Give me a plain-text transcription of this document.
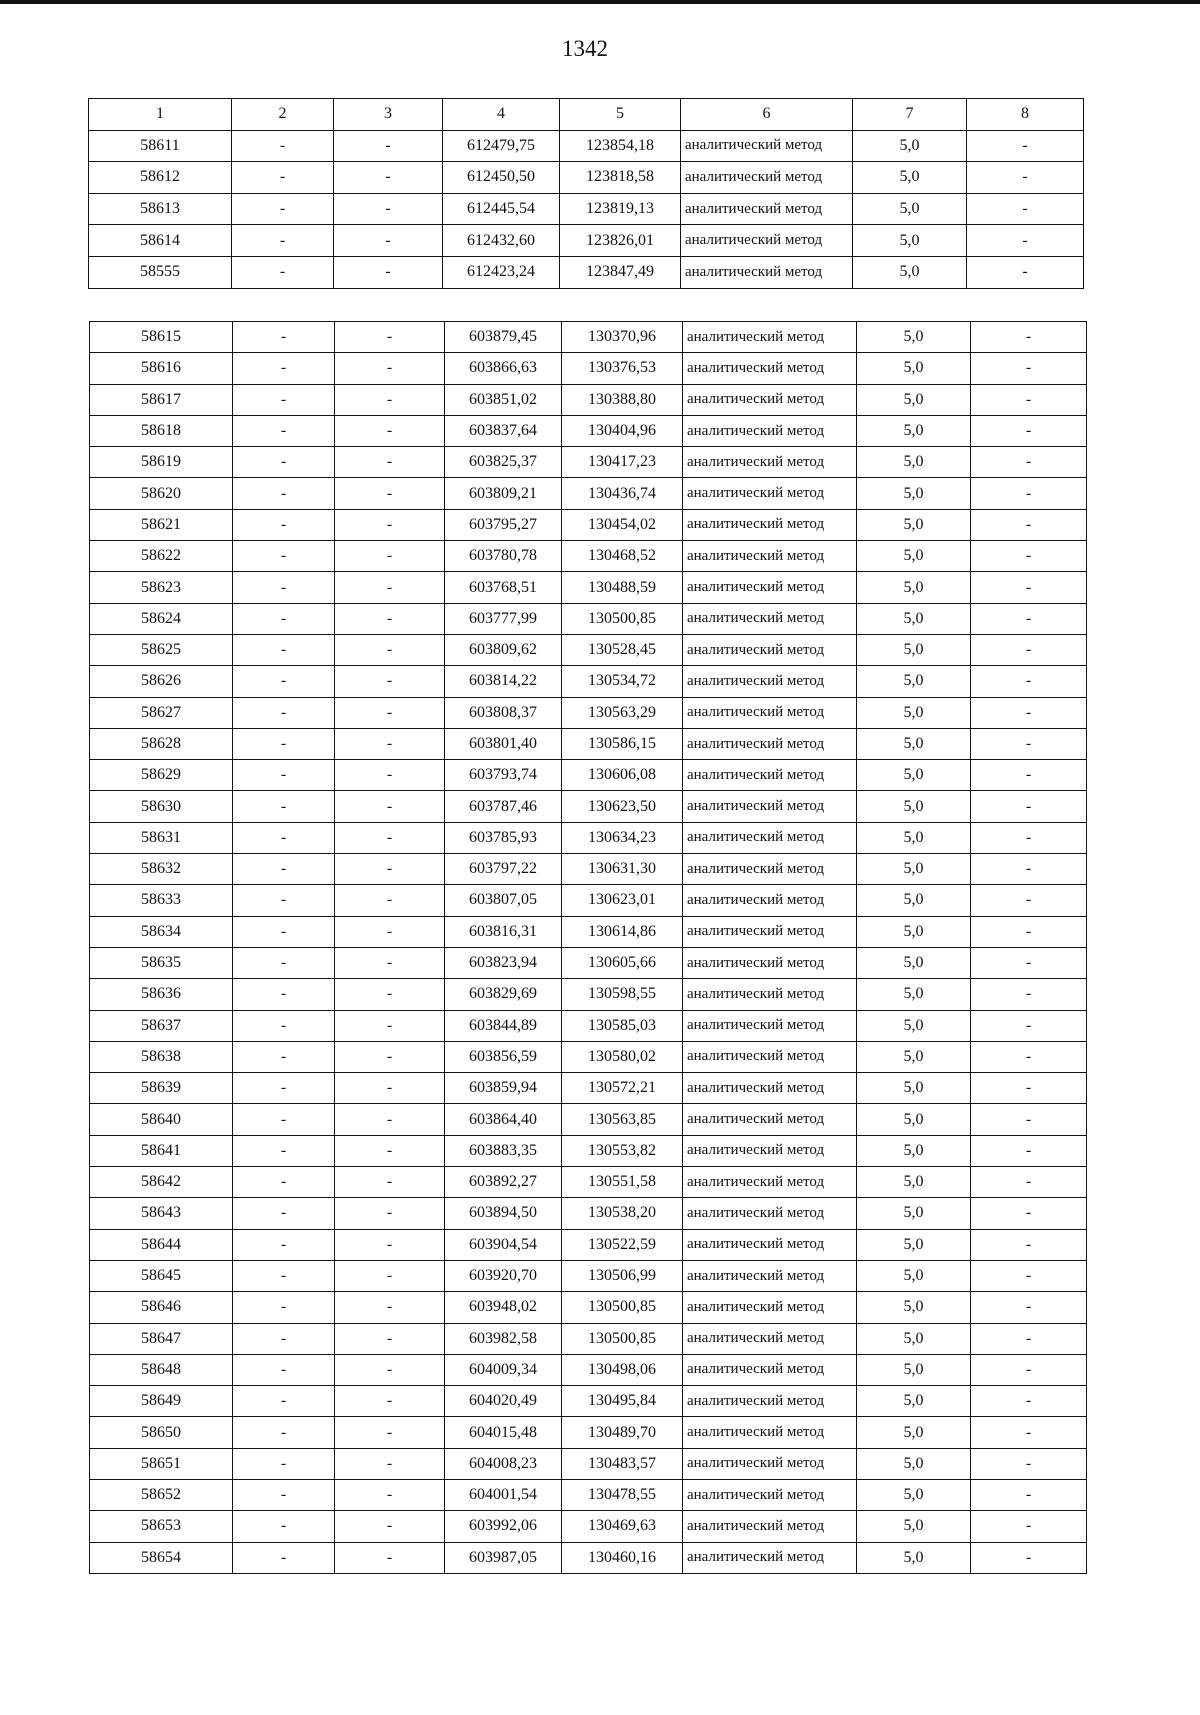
1342
1	2	3	4	5	6	7	8
58611	-	-	612479,75	123854,18	аналитический метод	5,0	-
58612	-	-	612450,50	123818,58	аналитический метод	5,0	-
58613	-	-	612445,54	123819,13	аналитический метод	5,0	-
58614	-	-	612432,60	123826,01	аналитический метод	5,0	-
58555	-	-	612423,24	123847,49	аналитический метод	5,0	-
58615	-	-	603879,45	130370,96	аналитический метод	5,0	-
58616	-	-	603866,63	130376,53	аналитический метод	5,0	-
58617	-	-	603851,02	130388,80	аналитический метод	5,0	-
58618	-	-	603837,64	130404,96	аналитический метод	5,0	-
58619	-	-	603825,37	130417,23	аналитический метод	5,0	-
58620	-	-	603809,21	130436,74	аналитический метод	5,0	-
58621	-	-	603795,27	130454,02	аналитический метод	5,0	-
58622	-	-	603780,78	130468,52	аналитический метод	5,0	-
58623	-	-	603768,51	130488,59	аналитический метод	5,0	-
58624	-	-	603777,99	130500,85	аналитический метод	5,0	-
58625	-	-	603809,62	130528,45	аналитический метод	5,0	-
58626	-	-	603814,22	130534,72	аналитический метод	5,0	-
58627	-	-	603808,37	130563,29	аналитический метод	5,0	-
58628	-	-	603801,40	130586,15	аналитический метод	5,0	-
58629	-	-	603793,74	130606,08	аналитический метод	5,0	-
58630	-	-	603787,46	130623,50	аналитический метод	5,0	-
58631	-	-	603785,93	130634,23	аналитический метод	5,0	-
58632	-	-	603797,22	130631,30	аналитический метод	5,0	-
58633	-	-	603807,05	130623,01	аналитический метод	5,0	-
58634	-	-	603816,31	130614,86	аналитический метод	5,0	-
58635	-	-	603823,94	130605,66	аналитический метод	5,0	-
58636	-	-	603829,69	130598,55	аналитический метод	5,0	-
58637	-	-	603844,89	130585,03	аналитический метод	5,0	-
58638	-	-	603856,59	130580,02	аналитический метод	5,0	-
58639	-	-	603859,94	130572,21	аналитический метод	5,0	-
58640	-	-	603864,40	130563,85	аналитический метод	5,0	-
58641	-	-	603883,35	130553,82	аналитический метод	5,0	-
58642	-	-	603892,27	130551,58	аналитический метод	5,0	-
58643	-	-	603894,50	130538,20	аналитический метод	5,0	-
58644	-	-	603904,54	130522,59	аналитический метод	5,0	-
58645	-	-	603920,70	130506,99	аналитический метод	5,0	-
58646	-	-	603948,02	130500,85	аналитический метод	5,0	-
58647	-	-	603982,58	130500,85	аналитический метод	5,0	-
58648	-	-	604009,34	130498,06	аналитический метод	5,0	-
58649	-	-	604020,49	130495,84	аналитический метод	5,0	-
58650	-	-	604015,48	130489,70	аналитический метод	5,0	-
58651	-	-	604008,23	130483,57	аналитический метод	5,0	-
58652	-	-	604001,54	130478,55	аналитический метод	5,0	-
58653	-	-	603992,06	130469,63	аналитический метод	5,0	-
58654	-	-	603987,05	130460,16	аналитический метод	5,0	-
